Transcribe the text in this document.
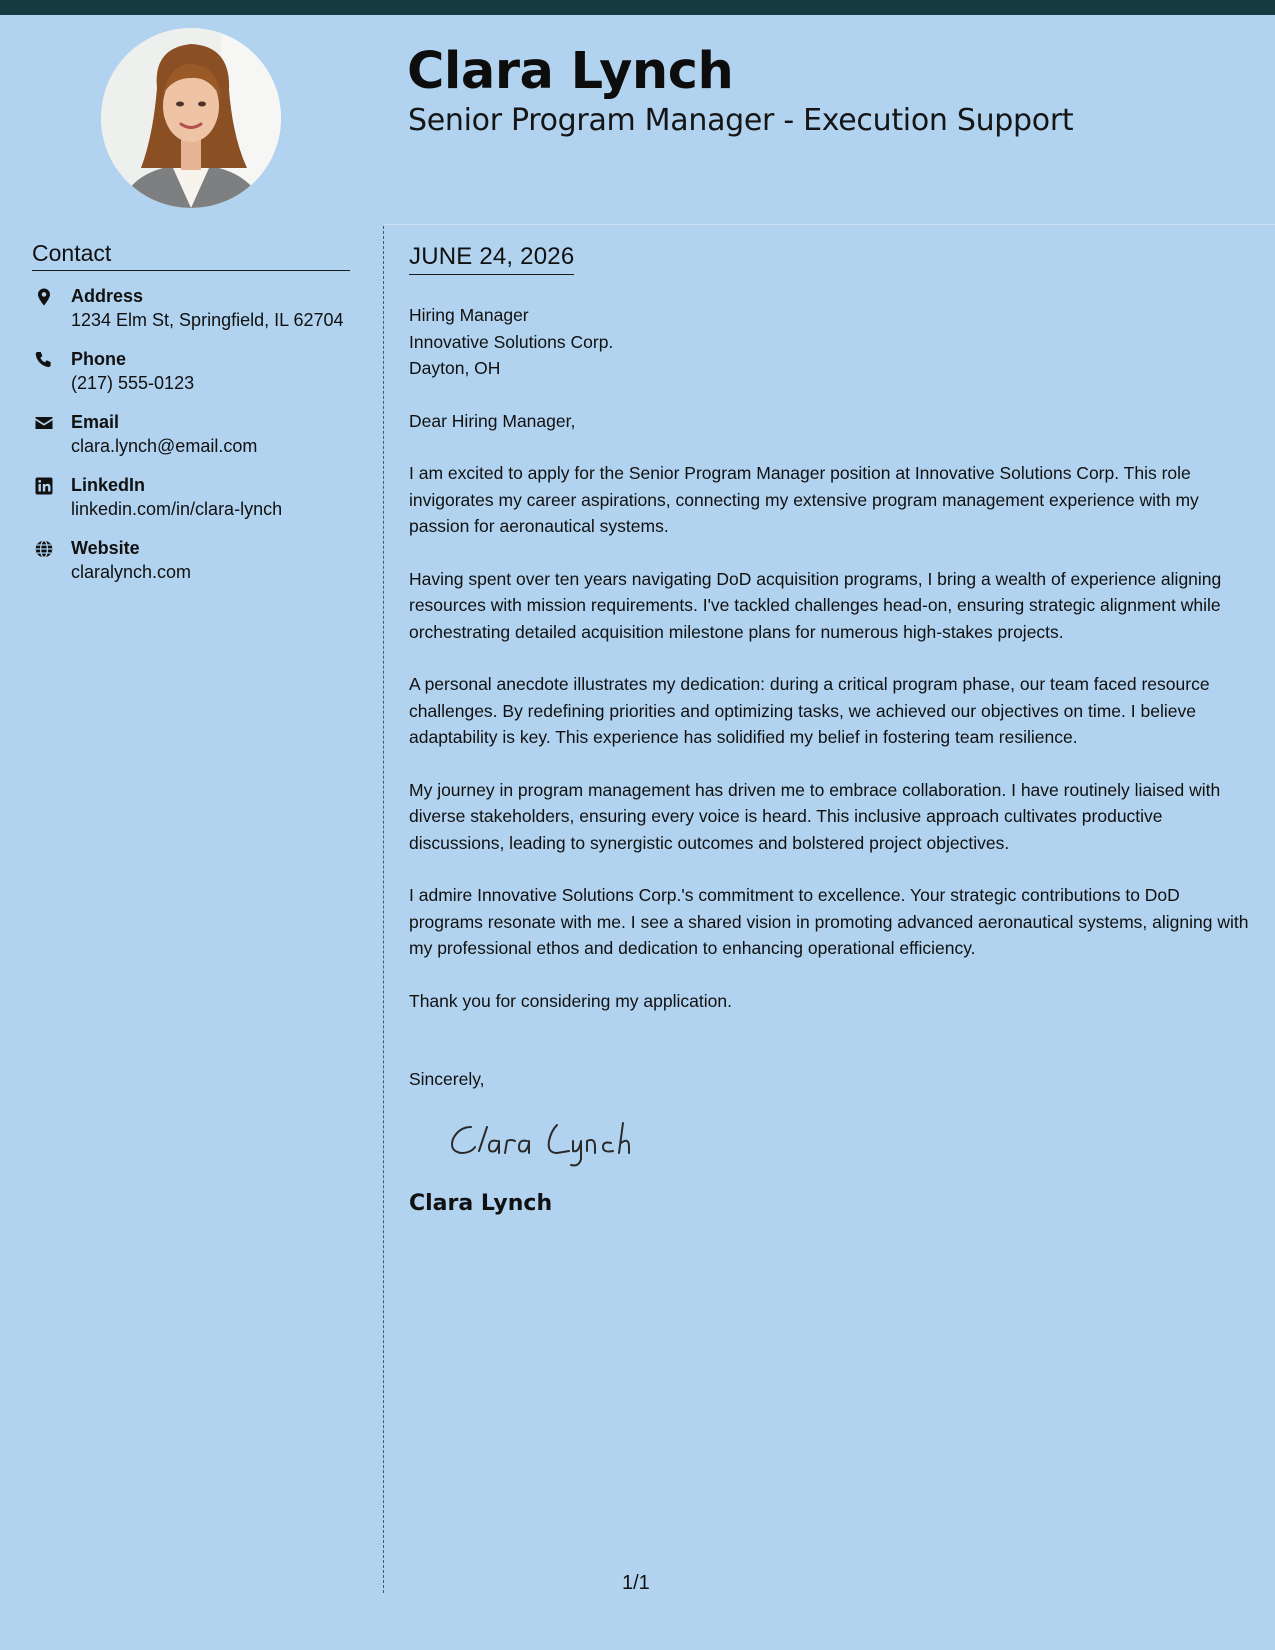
Clara Lynch
Senior Program Manager - Execution Support
Contact
Address
1234 Elm St, Springfield, IL 62704
Phone
(217) 555-0123
Email
clara.lynch@email.com
LinkedIn
linkedin.com/in/clara-lynch
Website
claralynch.com
JUNE 24, 2026
Hiring Manager
Innovative Solutions Corp.
Dayton, OH

Dear Hiring Manager,

I am excited to apply for the Senior Program Manager position at Innovative Solutions Corp. This role invigorates my career aspirations, connecting my extensive program management experience with my passion for aeronautical systems.

Having spent over ten years navigating DoD acquisition programs, I bring a wealth of experience aligning resources with mission requirements. I've tackled challenges head-on, ensuring strategic alignment while orchestrating detailed acquisition milestone plans for numerous high-stakes projects.

A personal anecdote illustrates my dedication: during a critical program phase, our team faced resource challenges. By redefining priorities and optimizing tasks, we achieved our objectives on time. I believe adaptability is key. This experience has solidified my belief in fostering team resilience.

My journey in program management has driven me to embrace collaboration. I have routinely liaised with diverse stakeholders, ensuring every voice is heard. This inclusive approach cultivates productive discussions, leading to synergistic outcomes and bolstered project objectives.

I admire Innovative Solutions Corp.'s commitment to excellence. Your strategic contributions to DoD programs resonate with me. I see a shared vision in promoting advanced aeronautical systems, aligning with my professional ethos and dedication to enhancing operational efficiency.

Thank you for considering my application.

Sincerely,

Clara Lynch
1/1
